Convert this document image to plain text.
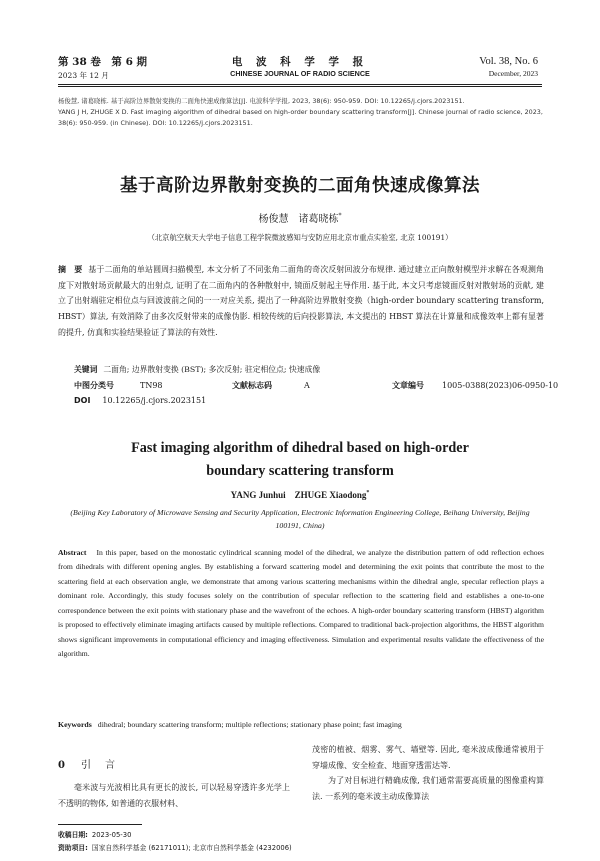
第 38 卷　第 6 期
2023 年 12 月
电 波 科 学 学 报
CHINESE JOURNAL OF RADIO SCIENCE
Vol. 38, No. 6
December, 2023
杨俊慧, 诸葛晓栋. 基于高阶边界散射变换的二面角快速成像算法[J]. 电波科学学报, 2023, 38(6): 950-959. DOI: 10.12265/j.cjors.2023151.
YANG J H, ZHUGE X D. Fast imaging algorithm of dihedral based on high-order boundary scattering transform[J]. Chinese journal of radio science, 2023, 38(6): 950-959. (in Chinese). DOI: 10.12265/j.cjors.2023151.
基于高阶边界散射变换的二面角快速成像算法
杨俊慧　诸葛晓栋*
（北京航空航天大学电子信息工程学院微波感知与安防应用北京市重点实验室, 北京 100191）
摘　要 基于二面角的单站圆周扫描模型, 本文分析了不同张角二面角的奇次反射回波分布规律. 通过建立正向散射模型并求解在各观测角度下对散射场贡献最大的出射点, 证明了在二面角内的各种散射中, 镜面反射起主导作用. 基于此, 本文只考虑镜面反射对散射场的贡献, 建立了出射端驻定相位点与回波波前之间的一一对应关系, 提出了一种高阶边界散射变换（high-order boundary scattering transform, HBST）算法, 有效消除了由多次反射带来的成像伪影. 相较传统的后向投影算法, 本文提出的 HBST 算法在计算量和成像效率上都有显著的提升, 仿真和实验结果验证了算法的有效性.
关键词 二面角; 边界散射变换 (BST); 多次反射; 驻定相位点; 快速成像
中图分类号	TN98	文献标志码	A	文章编号 1005-0388(2023)06-0950-10
DOI 10.12265/j.cjors.2023151
Fast imaging algorithm of dihedral based on high-order
boundary scattering transform
YANG Junhui　ZHUGE Xiaodong*
(Beijing Key Laboratory of Microwave Sensing and Security Application, Electronic Information Engineering College, Beihang University, Beijing 100191, China)
Abstract In this paper, based on the monostatic cylindrical scanning model of the dihedral, we analyze the distribution pattern of odd reflection echoes from dihedrals with different opening angles. By establishing a forward scattering model and determining the exit points that contribute the most to the scattering field at each observation angle, we demonstrate that among various scattering mechanisms within the dihedral angle, specular reflection plays a dominant role. Accordingly, this study focuses solely on the contribution of specular reflection to the scattering field and establishes a one-to-one correspondence between the exit points with stationary phase and the wavefront of the echoes. A high-order boundary scattering transform (HBST) algorithm is proposed to effectively eliminate imaging artifacts caused by multiple reflections. Compared to traditional back-projection algorithms, the HBST algorithm shows significant improvements in computational efficiency and imaging effectiveness. Simulation and experimental results validate the effectiveness of the algorithm.
Keywords dihedral; boundary scattering transform; multiple reflections; stationary phase point; fast imaging
0 引言

毫米波与光波相比具有更长的波长, 可以轻易穿透许多光学上不透明的物体, 如普通的衣服材料、

茂密的植被、烟雾、雾气、墙壁等. 因此, 毫米波成像通常被用于穿墙成像、安全检查、地面穿透雷达等.

为了对目标进行精确成像, 我们通常需要高质量的图像重构算法. 一系列的毫米波主动成像算法

收稿日期: 2023-05-30
资助项目: 国家自然科学基金 (62171011); 北京市自然科学基金 (4232006)
